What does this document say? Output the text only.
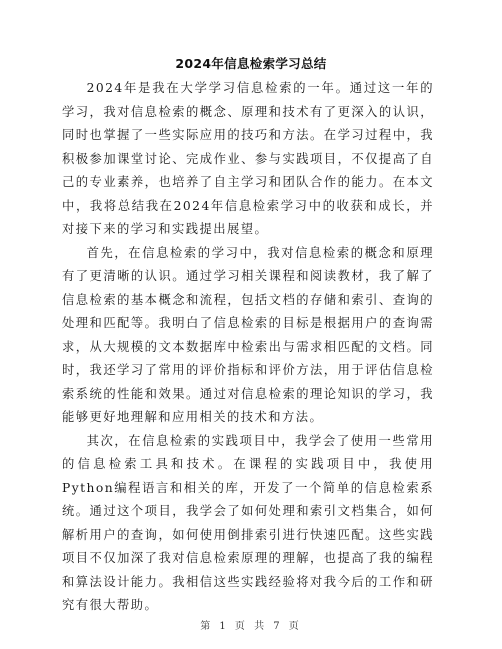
2024年信息检索学习总结

2024年是我在大学学习信息检索的一年。通过这一年的学习，我对信息检索的概念、原理和技术有了更深入的认识，同时也掌握了一些实际应用的技巧和方法。在学习过程中，我积极参加课堂讨论、完成作业、参与实践项目，不仅提高了自己的专业素养，也培养了自主学习和团队合作的能力。在本文中，我将总结我在2024年信息检索学习中的收获和成长，并对接下来的学习和实践提出展望。

首先，在信息检索的学习中，我对信息检索的概念和原理有了更清晰的认识。通过学习相关课程和阅读教材，我了解了信息检索的基本概念和流程，包括文档的存储和索引、查询的处理和匹配等。我明白了信息检索的目标是根据用户的查询需求，从大规模的文本数据库中检索出与需求相匹配的文档。同时，我还学习了常用的评价指标和评价方法，用于评估信息检索系统的性能和效果。通过对信息检索的理论知识的学习，我能够更好地理解和应用相关的技术和方法。

其次，在信息检索的实践项目中，我学会了使用一些常用的信息检索工具和技术。在课程的实践项目中，我使用Python编程语言和相关的库，开发了一个简单的信息检索系统。通过这个项目，我学会了如何处理和索引文档集合，如何解析用户的查询，如何使用倒排索引进行快速匹配。这些实践项目不仅加深了我对信息检索原理的理解，也提高了我的编程和算法设计能力。我相信这些实践经验将对我今后的工作和研究有很大帮助。

第 1 页 共 7 页
